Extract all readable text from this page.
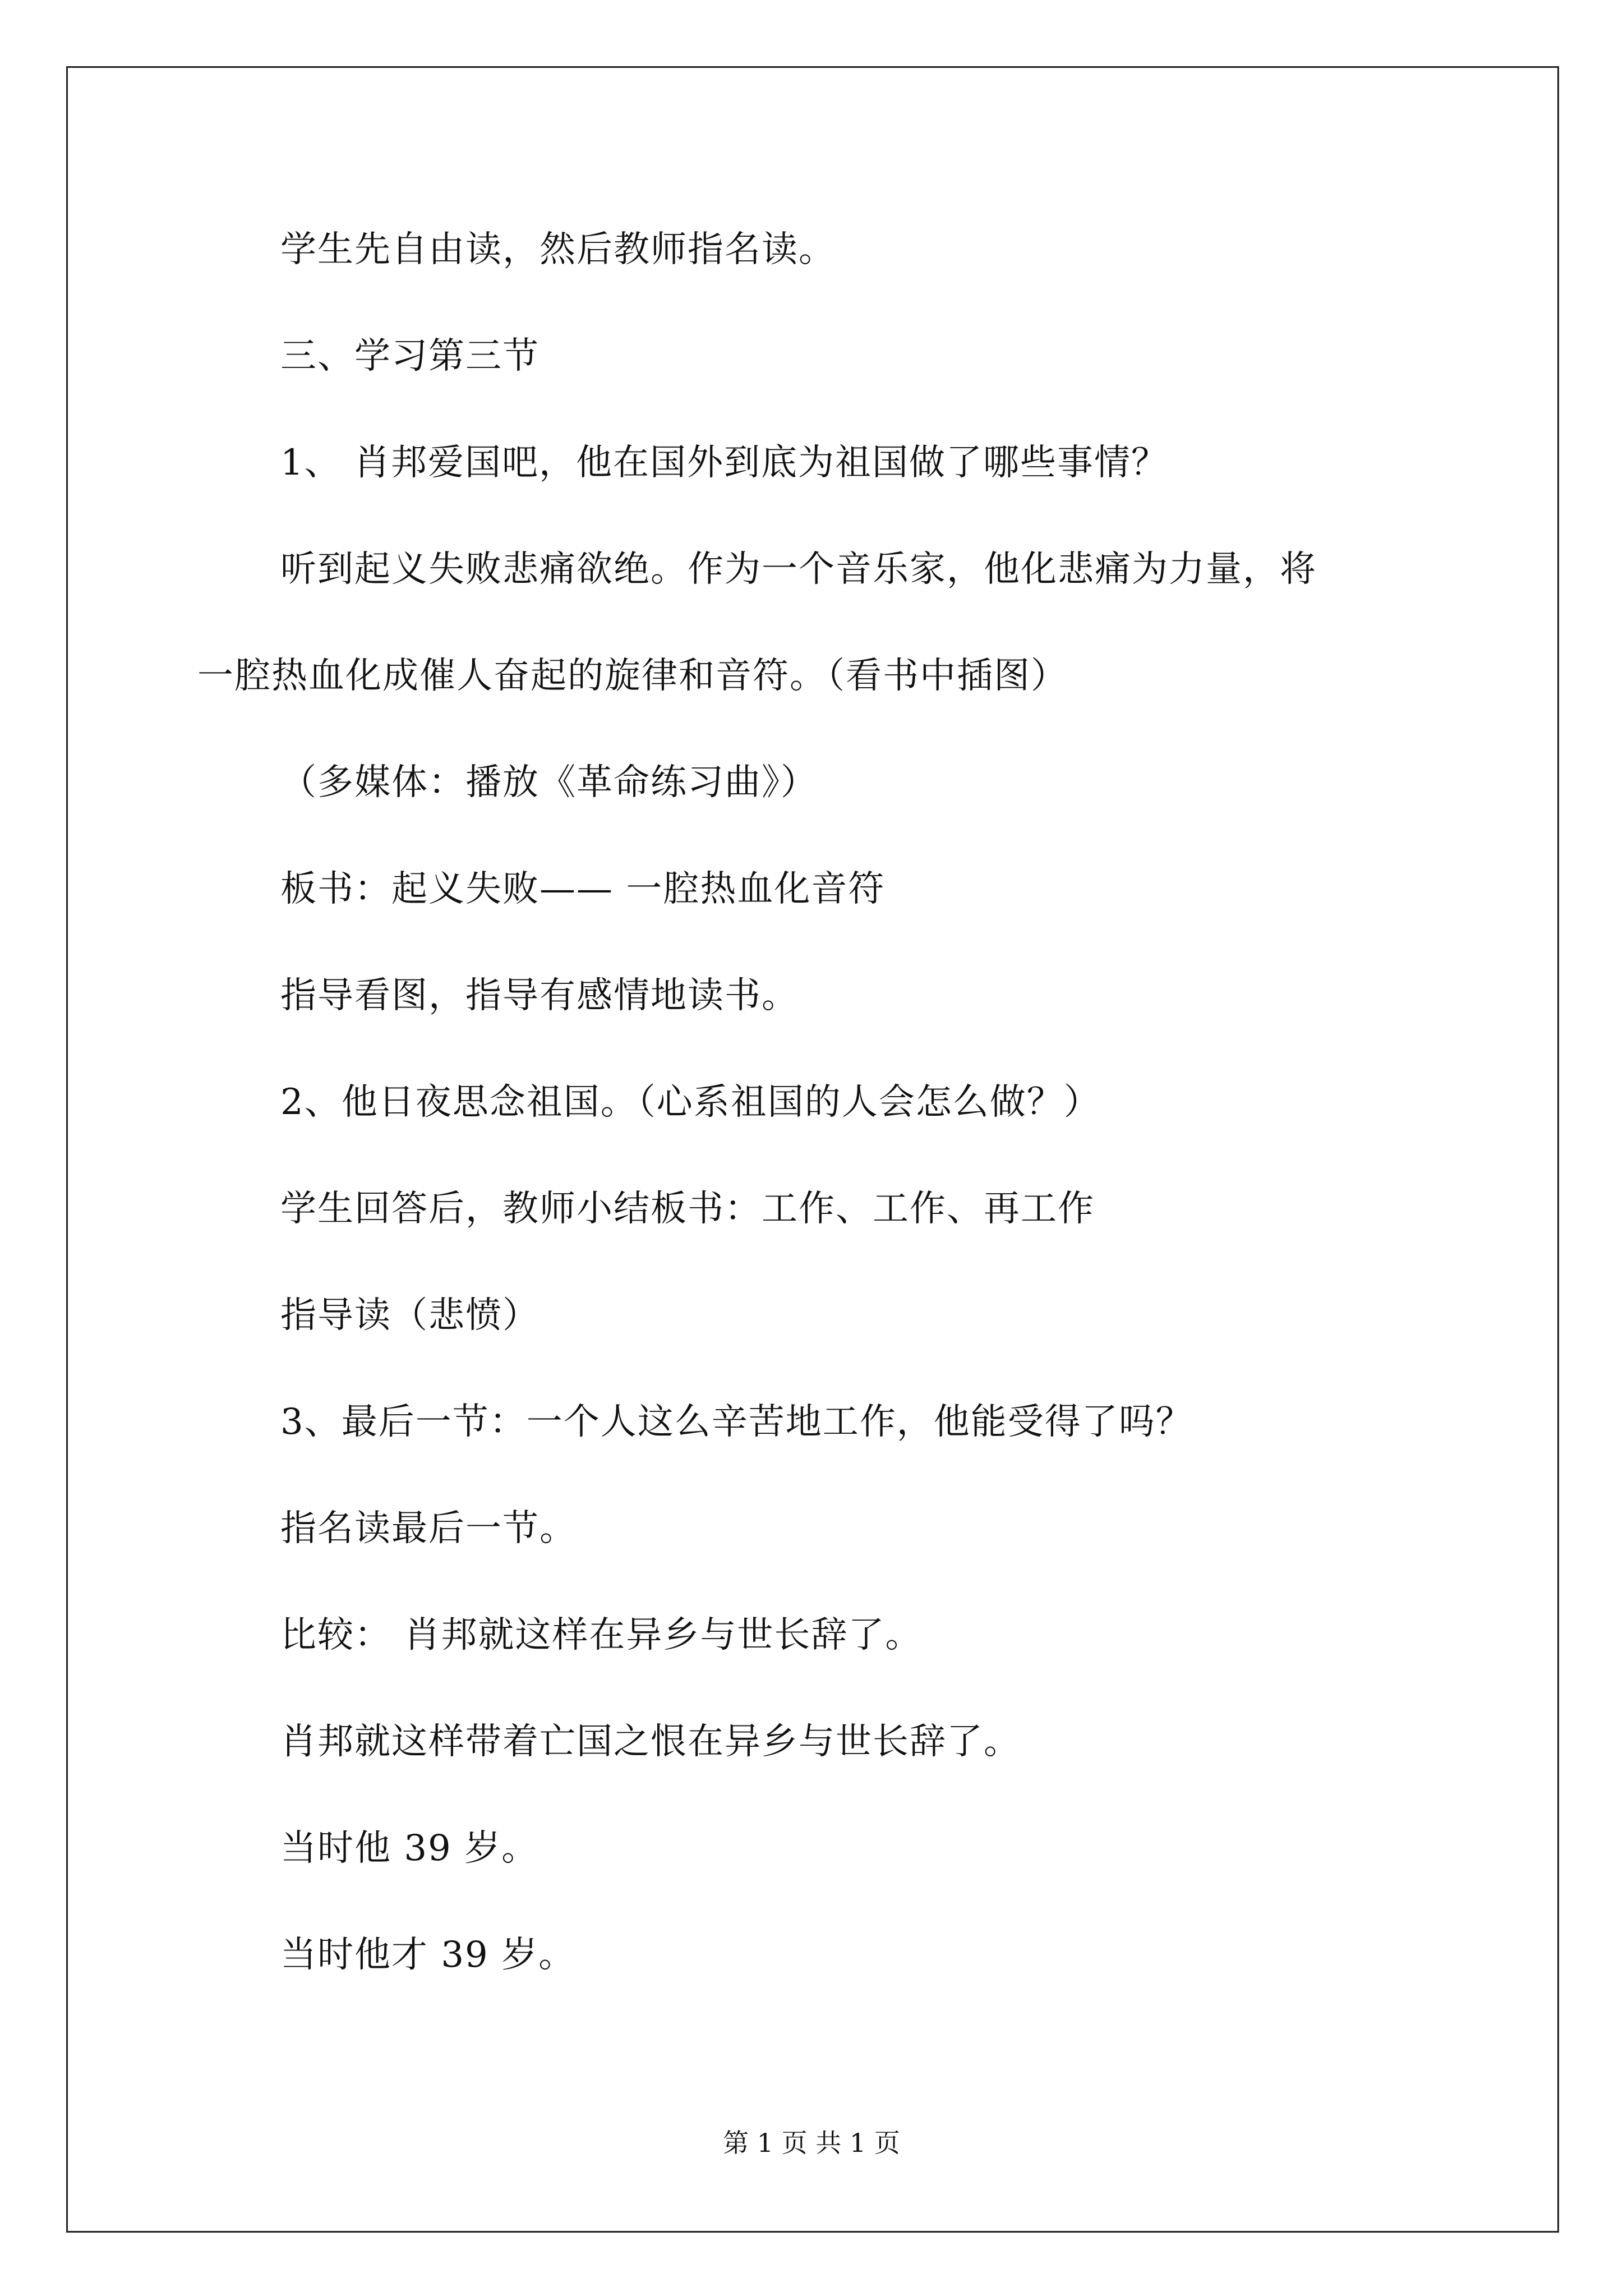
学生先自由读，然后教师指名读。
三、学习第三节
1、 肖邦爱国吧，他在国外到底为祖国做了哪些事情？
听到起义失败悲痛欲绝。作为一个音乐家，他化悲痛为力量，将
一腔热血化成催人奋起的旋律和音符。（看书中插图）
（多媒体：播放《革命练习曲》）
板书：起义失败—— 一腔热血化音符
指导看图，指导有感情地读书。
2、他日夜思念祖国。（心系祖国的人会怎么做？）
学生回答后，教师小结板书：工作、工作、再工作
指导读（悲愤）
3、最后一节：一个人这么辛苦地工作，他能受得了吗？
指名读最后一节。
比较： 肖邦就这样在异乡与世长辞了。
肖邦就这样带着亡国之恨在异乡与世长辞了。
当时他 39 岁。
当时他才 39 岁。
第 1 页 共 1 页
